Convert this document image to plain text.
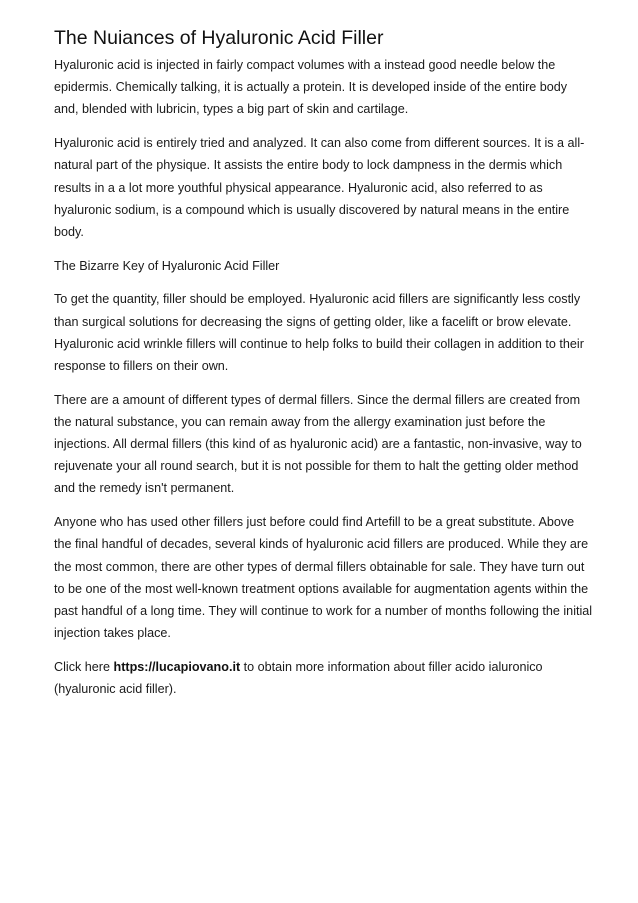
The Nuiances of Hyaluronic Acid Filler

Hyaluronic acid is injected in fairly compact volumes with a instead good needle below the epidermis. Chemically talking, it is actually a protein. It is developed inside of the entire body and, blended with lubricin, types a big part of skin and cartilage.

Hyaluronic acid is entirely tried and analyzed. It can also come from different sources. It is a all-natural part of the physique. It assists the entire body to lock dampness in the dermis which results in a a lot more youthful physical appearance. Hyaluronic acid, also referred to as hyaluronic sodium, is a compound which is usually discovered by natural means in the entire body.

The Bizarre Key of Hyaluronic Acid Filler

To get the quantity, filler should be employed. Hyaluronic acid fillers are significantly less costly than surgical solutions for decreasing the signs of getting older, like a facelift or brow elevate. Hyaluronic acid wrinkle fillers will continue to help folks to build their collagen in addition to their response to fillers on their own.

There are a amount of different types of dermal fillers. Since the dermal fillers are created from the natural substance, you can remain away from the allergy examination just before the injections. All dermal fillers (this kind of as hyaluronic acid) are a fantastic, non-invasive, way to rejuvenate your all round search, but it is not possible for them to halt the getting older method and the remedy isn't permanent.

Anyone who has used other fillers just before could find Artefill to be a great substitute. Above the final handful of decades, several kinds of hyaluronic acid fillers are produced. While they are the most common, there are other types of dermal fillers obtainable for sale. They have turn out to be one of the most well-known treatment options available for augmentation agents within the past handful of a long time. They will continue to work for a number of months following the initial injection takes place.

Click here https://lucapiovano.it to obtain more information about filler acido ialuronico (hyaluronic acid filler).
